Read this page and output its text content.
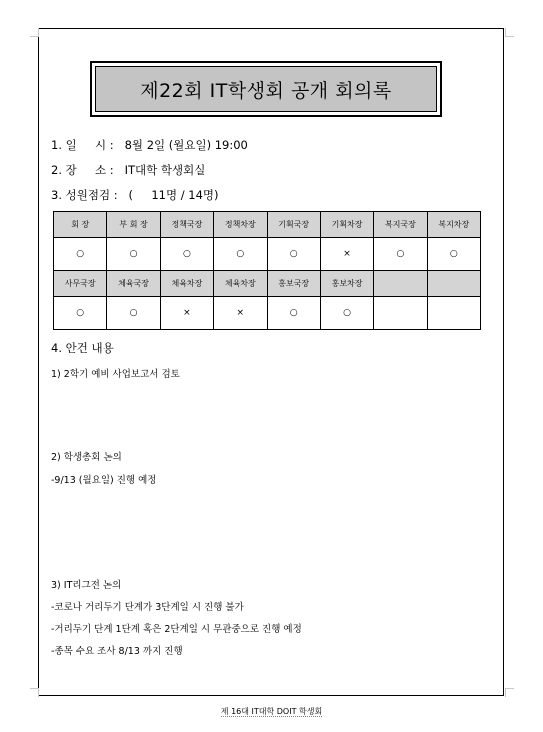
제22회 IT학생회 공개 회의록
1. 일     시 :   8월 2일 (월요일) 19:00
2. 장     소 :   IT대학 학생회실
3. 성원점검 :   (     11명 / 14명)
회 장	부 회 장	정책국장	정책차장	기획국장	기획차장	복지국장	복지차장
○	○	○	○	○	×	○	○
사무국장	체육국장	체육차장	체육차장	홍보국장	홍보차장		
○	○	×	×	○	○		
4. 안건 내용
1) 2학기 예비 사업보고서 검토
2) 학생총회 논의
-9/13 (월요일) 진행 예정
3) IT리그전 논의
-코로나 거리두기 단계가 3단계일 시 진행 불가
-거리두기 단계 1단계 혹은 2단계일 시 무관중으로 진행 예정
-종목 수요 조사 8/13 까지 진행
제 16대 IT대학 DOIT 학생회
